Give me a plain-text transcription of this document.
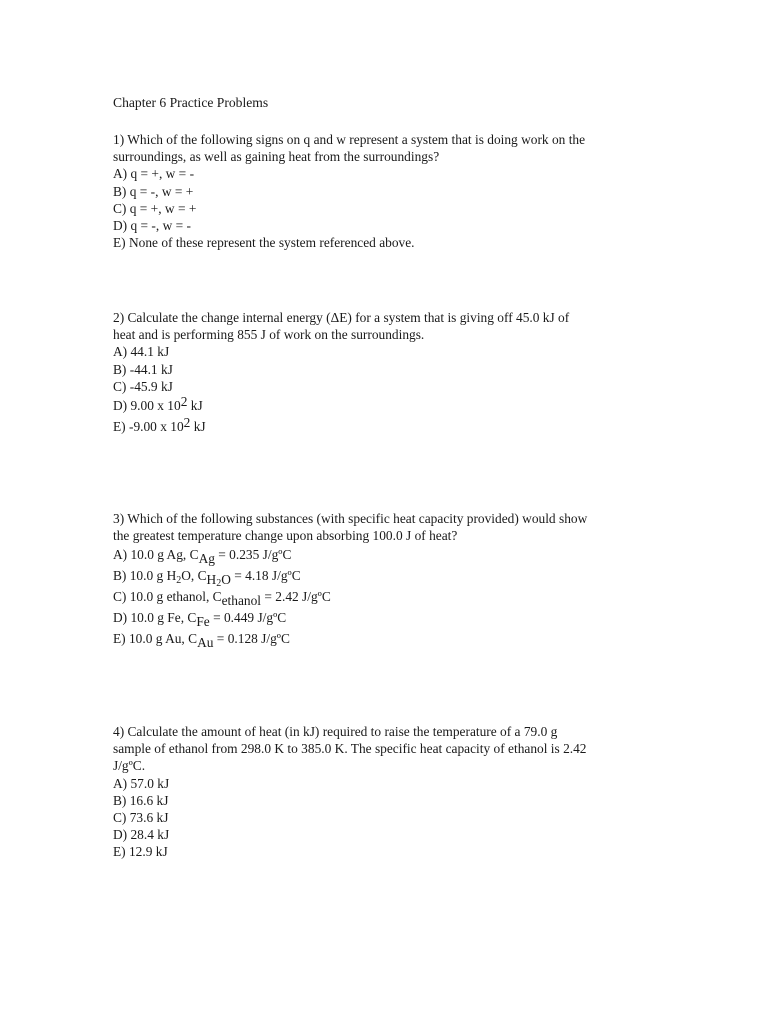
Chapter 6 Practice Problems
1) Which of the following signs on q and w represent a system that is doing work on the
surroundings, as well as gaining heat from the surroundings?
A) q = +, w = -
B) q = -, w = +
C) q = +, w = +
D) q = -, w = -
E) None of these represent the system referenced above.
2) Calculate the change internal energy (ΔE) for a system that is giving off 45.0 kJ of
heat and is performing 855 J of work on the surroundings.
A) 44.1 kJ
B) -44.1 kJ
C) -45.9 kJ
D) 9.00 x 102 kJ
E) -9.00 x 102 kJ
3) Which of the following substances (with specific heat capacity provided) would show
the greatest temperature change upon absorbing 100.0 J of heat?
A) 10.0 g Ag, CAg = 0.235 J/gºC
B) 10.0 g $H_2O$, $CH_2O = 4.18$ J/gºC
C) 10.0 g ethanol, Cethanol = 2.42 J/gºC
D) 10.0 g Fe, CFe = 0.449 J/gºC
E) 10.0 g Au, CAu = 0.128 J/gºC
4) Calculate the amount of heat (in kJ) required to raise the temperature of a 79.0 g
sample of ethanol from 298.0 K to 385.0 K. The specific heat capacity of ethanol is 2.42
J/gºC.
A) 57.0 kJ
B) 16.6 kJ
C) 73.6 kJ
D) 28.4 kJ
E) 12.9 kJ
